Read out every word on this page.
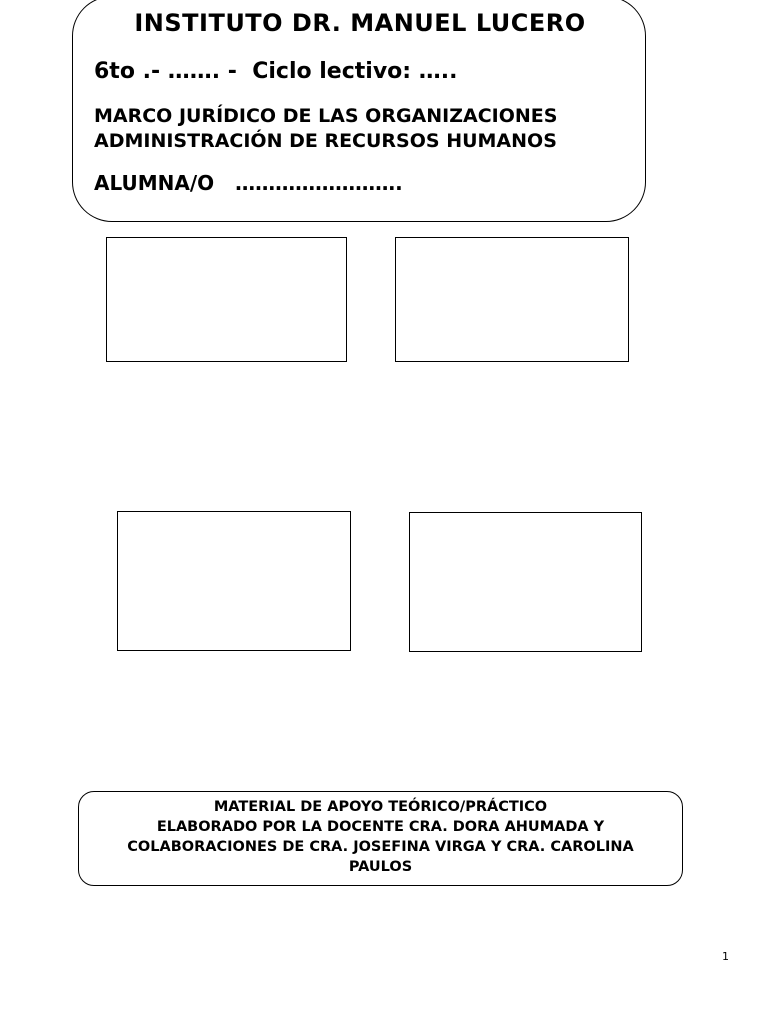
INSTITUTO DR. MANUEL LUCERO
6to .- ……. -  Ciclo lectivo: …..
MARCO JURÍDICO DE LAS ORGANIZACIONES
ADMINISTRACIÓN DE RECURSOS HUMANOS
ALUMNA/O   …………………….
MATERIAL DE APOYO TEÓRICO/PRÁCTICO
ELABORADO POR LA DOCENTE CRA. DORA AHUMADA Y
COLABORACIONES DE CRA. JOSEFINA VIRGA Y CRA. CAROLINA
PAULOS
1
